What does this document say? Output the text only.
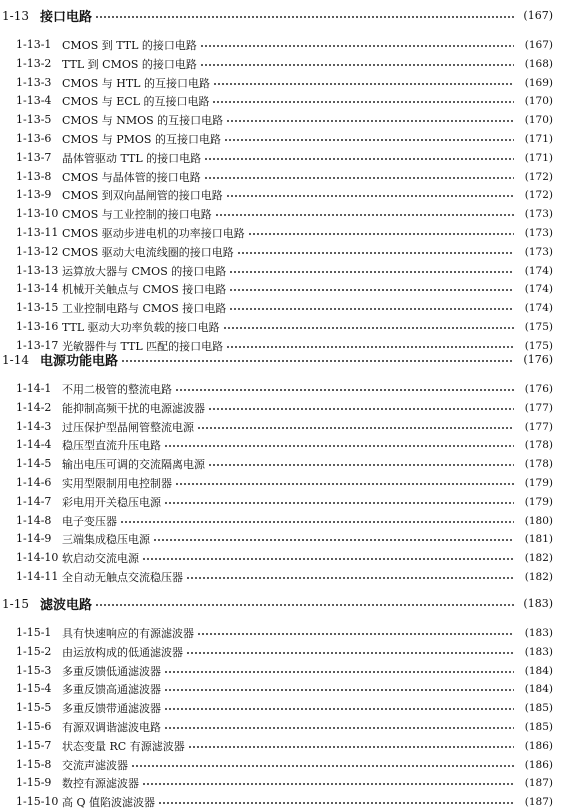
1-13 接口电路	(167)
1-13-1 CMOS 到 TTL 的接口电路	(167)
1-13-2 TTL 到 CMOS 的接口电路	(168)
1-13-3 CMOS 与 HTL 的互接口电路	(169)
1-13-4 CMOS 与 ECL 的互接口电路	(170)
1-13-5 CMOS 与 NMOS 的互接口电路	(170)
1-13-6 CMOS 与 PMOS 的互接口电路	(171)
1-13-7 晶体管驱动 TTL 的接口电路	(171)
1-13-8 CMOS 与晶体管的接口电路	(172)
1-13-9 CMOS 到双向晶闸管的接口电路	(172)
1-13-10 CMOS 与工业控制的接口电路	(173)
1-13-11 CMOS 驱动步进电机的功率接口电路	(173)
1-13-12 CMOS 驱动大电流线圈的接口电路	(173)
1-13-13 运算放大器与 CMOS 的接口电路	(174)
1-13-14 机械开关触点与 CMOS 接口电路	(174)
1-13-15 工业控制电路与 CMOS 接口电路	(174)
1-13-16 TTL 驱动大功率负载的接口电路	(175)
1-13-17 光敏器件与 TTL 匹配的接口电路	(175)
1-14 电源功能电路	(176)
1-14-1 不用二极管的整流电路	(176)
1-14-2 能抑制高频干扰的电源滤波器	(177)
1-14-3 过压保护型晶闸管整流电源	(177)
1-14-4 稳压型直流升压电路	(178)
1-14-5 输出电压可调的交流隔离电源	(178)
1-14-6 实用型限制用电控制器	(179)
1-14-7 彩电用开关稳压电源	(179)
1-14-8 电子变压器	(180)
1-14-9 三端集成稳压电源	(181)
1-14-10 软启动交流电源	(182)
1-14-11 全自动无触点交流稳压器	(182)
1-15 滤波电路	(183)
1-15-1 具有快速响应的有源滤波器	(183)
1-15-2 由运放构成的低通滤波器	(183)
1-15-3 多重反馈低通滤波器	(184)
1-15-4 多重反馈高通滤波器	(184)
1-15-5 多重反馈带通滤波器	(185)
1-15-6 有源双调谐滤波电路	(185)
1-15-7 状态变量 RC 有源滤波器	(186)
1-15-8 交流声滤波器	(186)
1-15-9 数控有源滤波器	(187)
1-15-10 高 Q 值陷波滤波器	(187)
